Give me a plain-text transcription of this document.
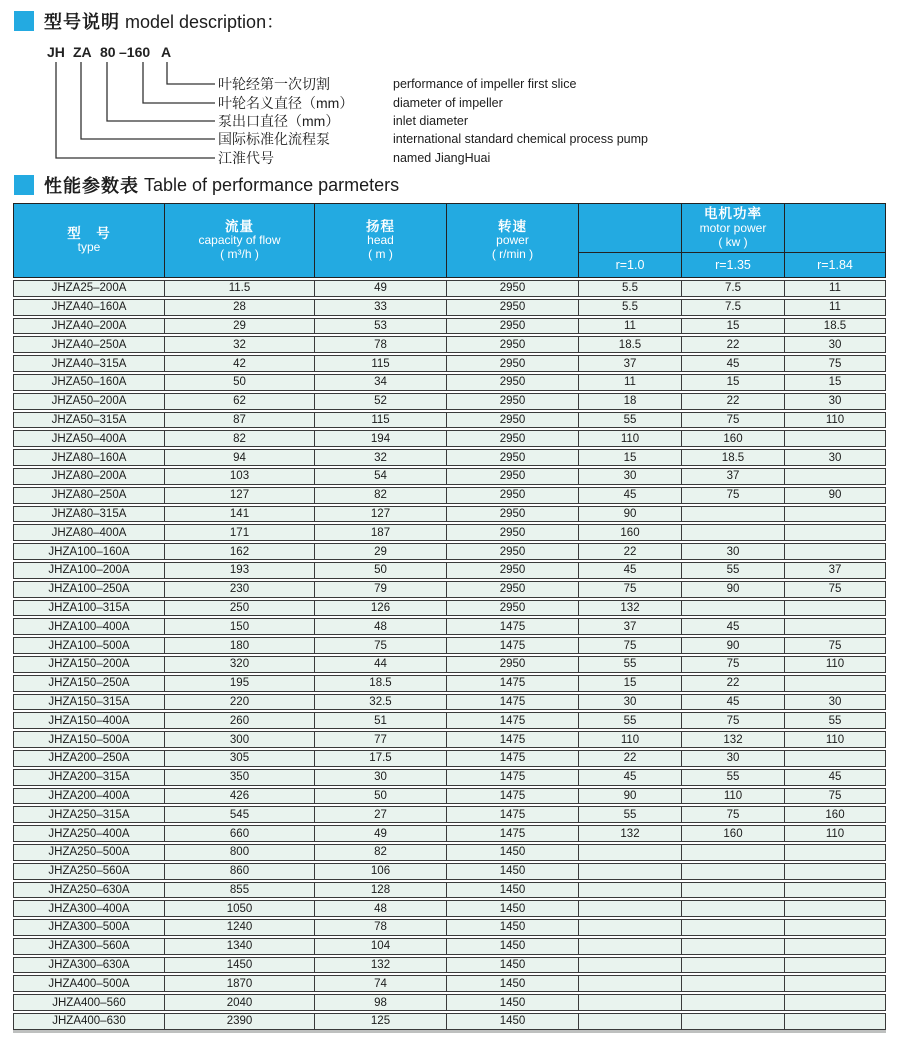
型号说明 model description：
JH ZA 80 –160 A
叶轮经第一次切割	performance of impeller first slice
叶轮名义直径（mm）	diameter of impeller
泵出口直径（mm）	inlet diameter
国际标准化流程泵	international standard chemical process pump
江淮代号	named JiangHuai
性能参数表 Table of performance parmeters
型　号
type
流量
capacity of flow
( m³/h )
扬程
head
( m )
转速
power
( r/min )
电机功率
motor power
( kw )
r=1.0	r=1.35	r=1.84
JHZA25–200A	11.5	49	2950	5.5	7.5	11
JHZA40–160A	28	33	2950	5.5	7.5	11
JHZA40–200A	29	53	2950	11	15	18.5
JHZA40–250A	32	78	2950	18.5	22	30
JHZA40–315A	42	115	2950	37	45	75
JHZA50–160A	50	34	2950	11	15	15
JHZA50–200A	62	52	2950	18	22	30
JHZA50–315A	87	115	2950	55	75	110
JHZA50–400A	82	194	2950	110	160
JHZA80–160A	94	32	2950	15	18.5	30
JHZA80–200A	103	54	2950	30	37
JHZA80–250A	127	82	2950	45	75	90
JHZA80–315A	141	127	2950	90
JHZA80–400A	171	187	2950	160
JHZA100–160A	162	29	2950	22	30
JHZA100–200A	193	50	2950	45	55	37
JHZA100–250A	230	79	2950	75	90	75
JHZA100–315A	250	126	2950	132
JHZA100–400A	150	48	1475	37	45
JHZA100–500A	180	75	1475	75	90	75
JHZA150–200A	320	44	2950	55	75	110
JHZA150–250A	195	18.5	1475	15	22
JHZA150–315A	220	32.5	1475	30	45	30
JHZA150–400A	260	51	1475	55	75	55
JHZA150–500A	300	77	1475	110	132	110
JHZA200–250A	305	17.5	1475	22	30
JHZA200–315A	350	30	1475	45	55	45
JHZA200–400A	426	50	1475	90	110	75
JHZA250–315A	545	27	1475	55	75	160
JHZA250–400A	660	49	1475	132	160	110
JHZA250–500A	800	82	1450
JHZA250–560A	860	106	1450
JHZA250–630A	855	128	1450
JHZA300–400A	1050	48	1450
JHZA300–500A	1240	78	1450
JHZA300–560A	1340	104	1450
JHZA300–630A	1450	132	1450
JHZA400–500A	1870	74	1450
JHZA400–560	2040	98	1450
JHZA400–630	2390	125	1450
